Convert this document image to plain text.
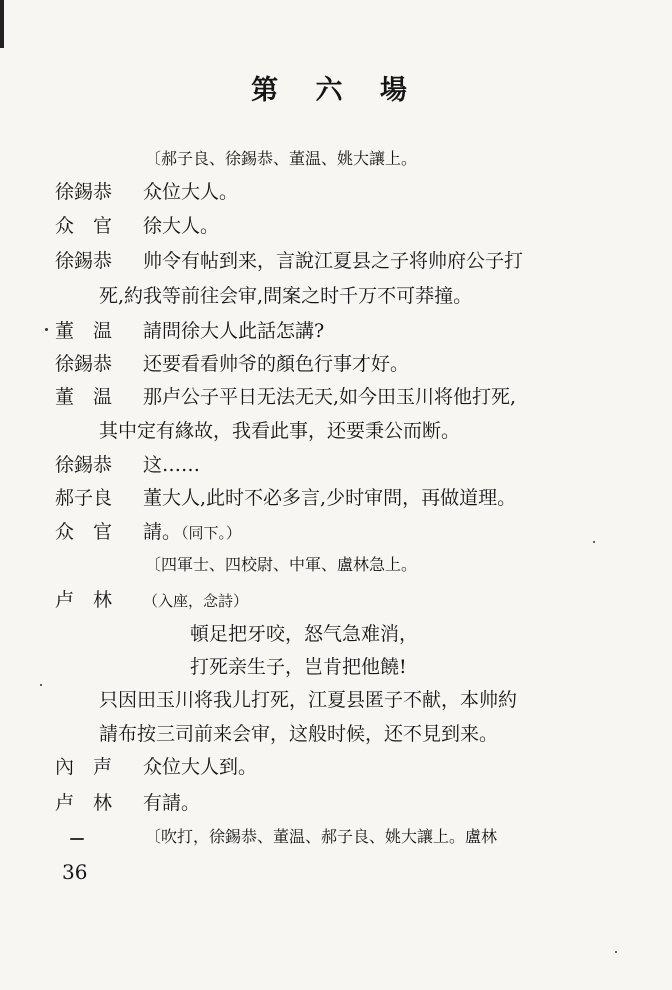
第 六 場
〔郝子良、徐錫恭、董温、姚大讓上。
徐錫恭 众位大人。
众　官 徐大人。
徐錫恭 帅令有帖到来，言說江夏县之子将帅府公子打
死,約我等前往会审,問案之时千万不可莽撞。
董　温 請問徐大人此話怎講?
徐錫恭 还要看看帅爷的顏色行事才好。
董　温 那卢公子平日无法无天,如今田玉川将他打死,
其中定有緣故，我看此事，还要秉公而断。
徐錫恭 这……
郝子良 董大人,此时不必多言,少时审問，再做道理。
众　官 請。（同下。）
〔四軍士、四校尉、中軍、盧林急上。
卢　林 （入座，念詩）
頓足把牙咬，怒气急难消，
打死亲生子，岂肯把他饒!
只因田玉川将我儿打死，江夏县匿子不献，本帅約
請布按三司前来会审，这般时候，还不見到来。
內　声 众位大人到。
卢　林 有請。
〔吹打，徐錫恭、董温、郝子良、姚大讓上。盧林
36
